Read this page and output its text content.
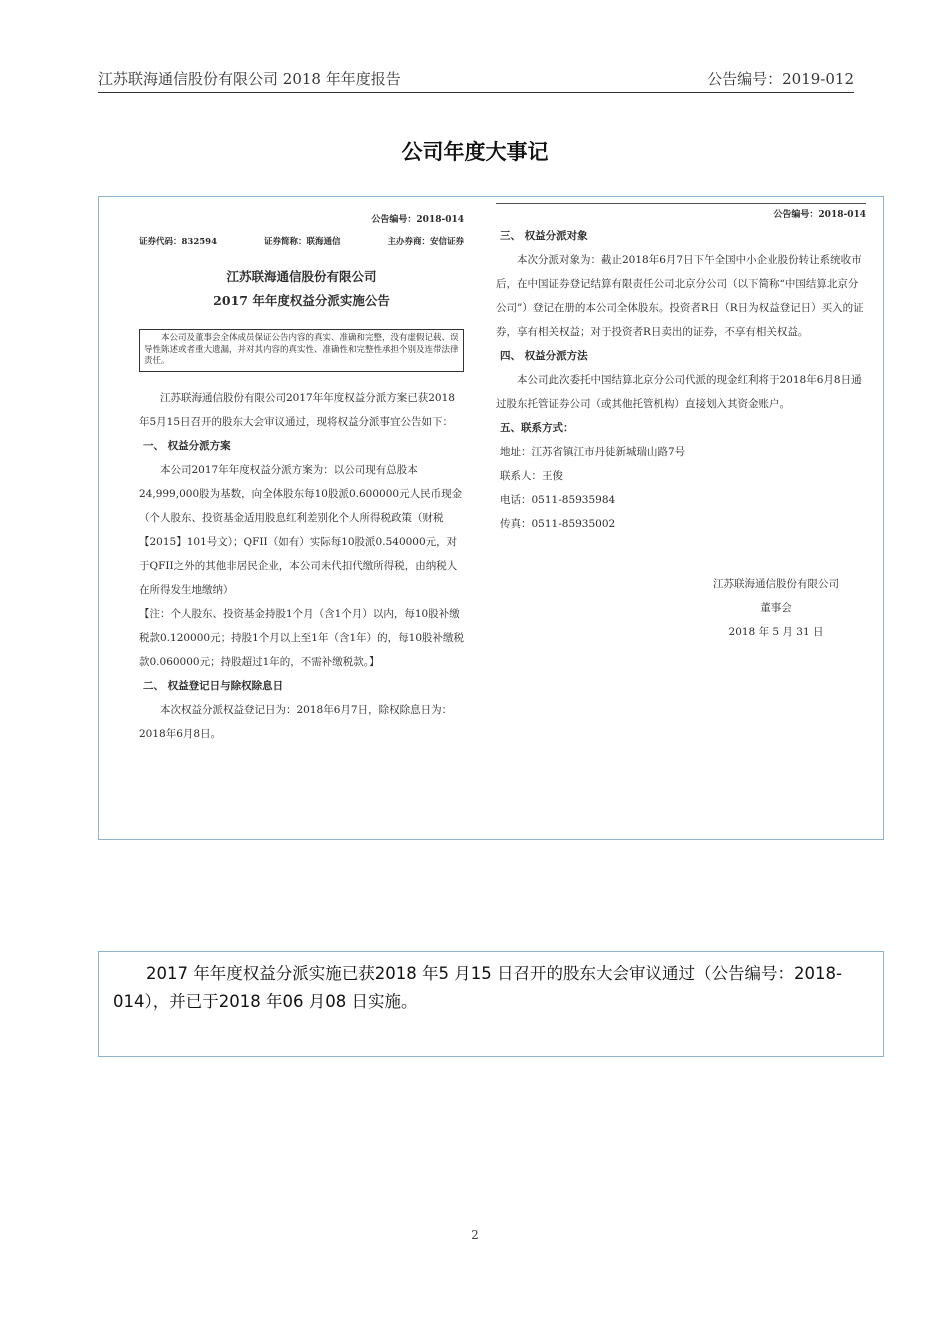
江苏联海通信股份有限公司 2018 年年度报告	公告编号：2019-012
公司年度大事记
公告编号：2018-014
证券代码：832594	证券简称：联海通信	主办券商：安信证券
江苏联海通信股份有限公司
2017 年年度权益分派实施公告
本公司及董事会全体成员保证公告内容的真实、准确和完整，没有虚假记载、误导性陈述或者重大遗漏，并对其内容的真实性、准确性和完整性承担个别及连带法律责任。

江苏联海通信股份有限公司2017年年度权益分派方案已获2018年5月15日召开的股东大会审议通过，现将权益分派事宜公告如下：

一、 权益分派方案

本公司2017年年度权益分派方案为：以公司现有总股本24,999,000股为基数，向全体股东每10股派0.600000元人民币现金（个人股东、投资基金适用股息红利差别化个人所得税政策（财税【2015】101号文）；QFII（如有）实际每10股派0.540000元，对于QFII之外的其他非居民企业，本公司未代扣代缴所得税，由纳税人在所得发生地缴纳）

【注：个人股东、投资基金持股1个月（含1个月）以内，每10股补缴税款0.120000元；持股1个月以上至1年（含1年）的，每10股补缴税款0.060000元；持股超过1年的，不需补缴税款。】

二、 权益登记日与除权除息日

本次权益分派权益登记日为：2018年6月7日，除权除息日为：2018年6月8日。

公告编号：2018-014

三、 权益分派对象

本次分派对象为：截止2018年6月7日下午全国中小企业股份转让系统收市后，在中国证券登记结算有限责任公司北京分公司（以下简称“中国结算北京分公司”）登记在册的本公司全体股东。投资者R日（R日为权益登记日）买入的证券，享有相关权益；对于投资者R日卖出的证券，不享有相关权益。

四、 权益分派方法

本公司此次委托中国结算北京分公司代派的现金红利将于2018年6月8日通过股东托管证券公司（或其他托管机构）直接划入其资金账户。

五、联系方式：

地址：江苏省镇江市丹徒新城瑞山路7号

联系人：王俊

电话：0511-85935984

传真：0511-85935002

江苏联海通信股份有限公司
董事会
2018 年 5 月 31 日
2017 年年度权益分派实施已获2018 年5 月15 日召开的股东大会审议通过（公告编号：2018-014），并已于2018 年06 月08 日实施。
2
